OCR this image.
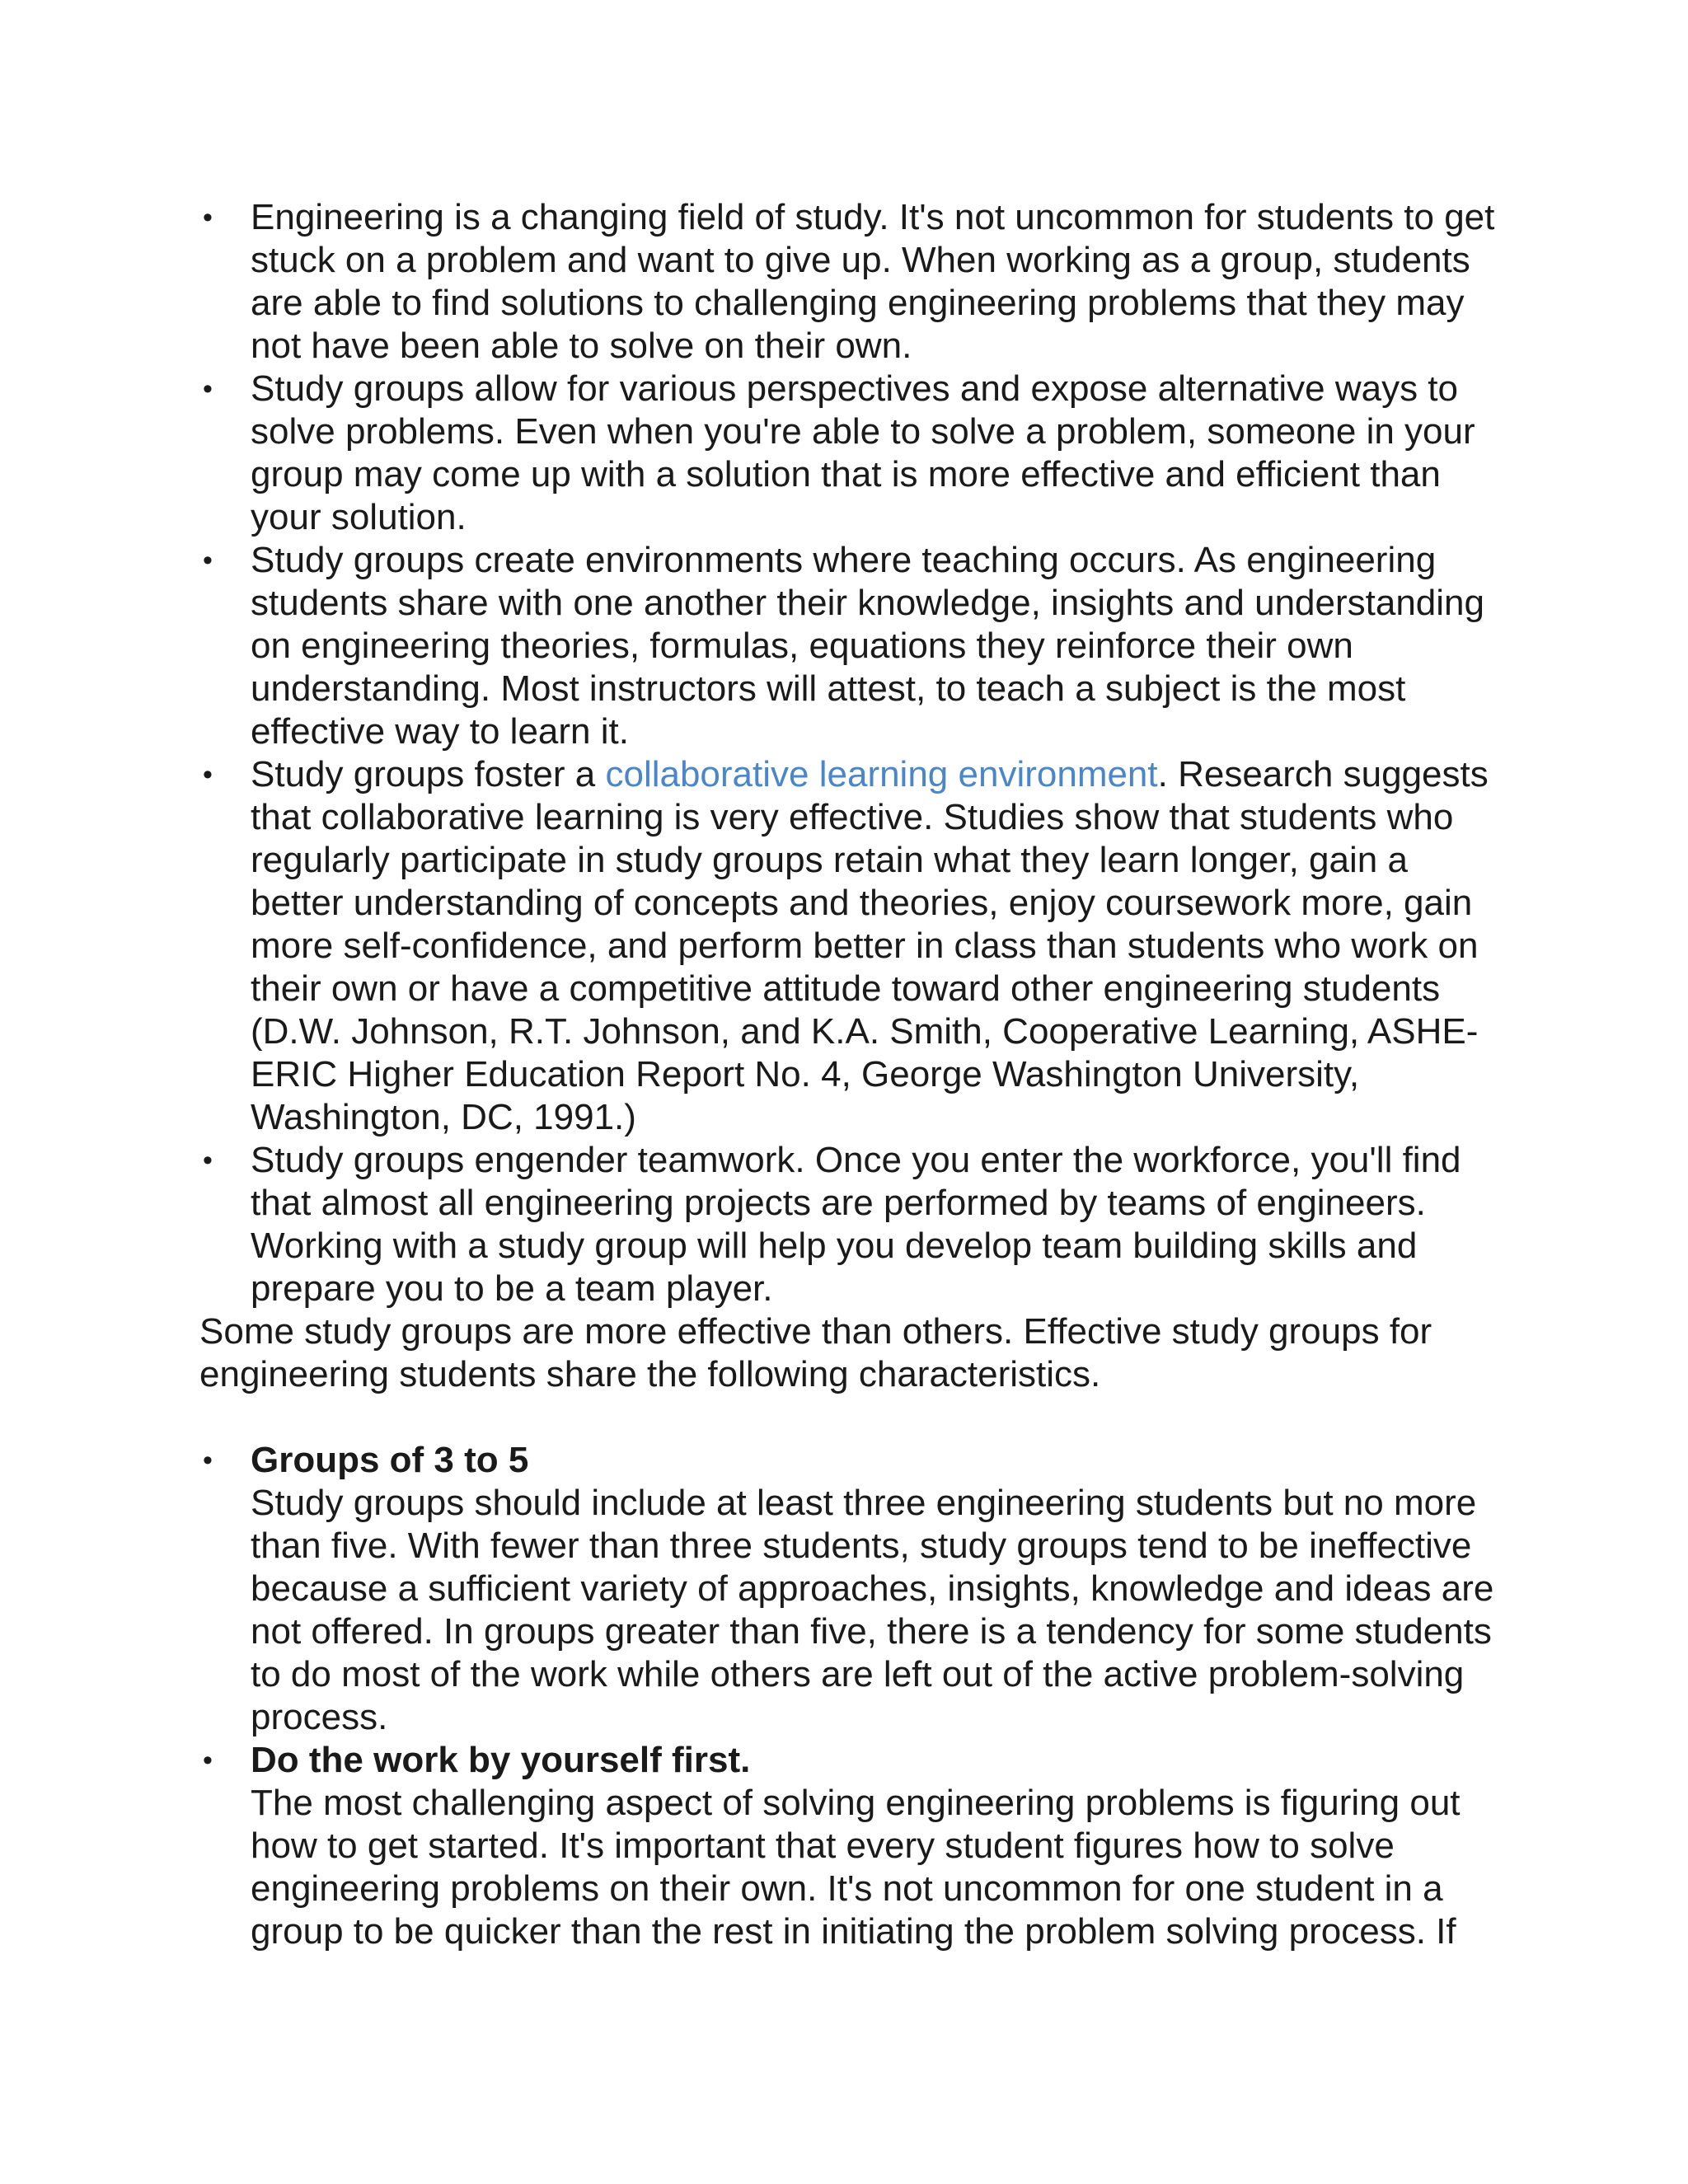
• Engineering is a changing field of study. It's not uncommon for students to get stuck on a problem and want to give up. When working as a group, students are able to find solutions to challenging engineering problems that they may not have been able to solve on their own.
• Study groups allow for various perspectives and expose alternative ways to solve problems. Even when you're able to solve a problem, someone in your group may come up with a solution that is more effective and efficient than your solution.
• Study groups create environments where teaching occurs. As engineering students share with one another their knowledge, insights and understanding on engineering theories, formulas, equations they reinforce their own understanding. Most instructors will attest, to teach a subject is the most effective way to learn it.
• Study groups foster a collaborative learning environment. Research suggests that collaborative learning is very effective. Studies show that students who regularly participate in study groups retain what they learn longer, gain a better understanding of concepts and theories, enjoy coursework more, gain more self-confidence, and perform better in class than students who work on their own or have a competitive attitude toward other engineering students (D.W. Johnson, R.T. Johnson, and K.A. Smith, Cooperative Learning, ASHE-ERIC Higher Education Report No. 4, George Washington University, Washington, DC, 1991.)
• Study groups engender teamwork. Once you enter the workforce, you'll find that almost all engineering projects are performed by teams of engineers. Working with a study group will help you develop team building skills and prepare you to be a team player.

Some study groups are more effective than others. Effective study groups for engineering students share the following characteristics.

• Groups of 3 to 5
Study groups should include at least three engineering students but no more than five. With fewer than three students, study groups tend to be ineffective because a sufficient variety of approaches, insights, knowledge and ideas are not offered. In groups greater than five, there is a tendency for some students to do most of the work while others are left out of the active problem-solving process.
• Do the work by yourself first.
The most challenging aspect of solving engineering problems is figuring out how to get started. It's important that every student figures how to solve engineering problems on their own. It's not uncommon for one student in a group to be quicker than the rest in initiating the problem solving process. If
